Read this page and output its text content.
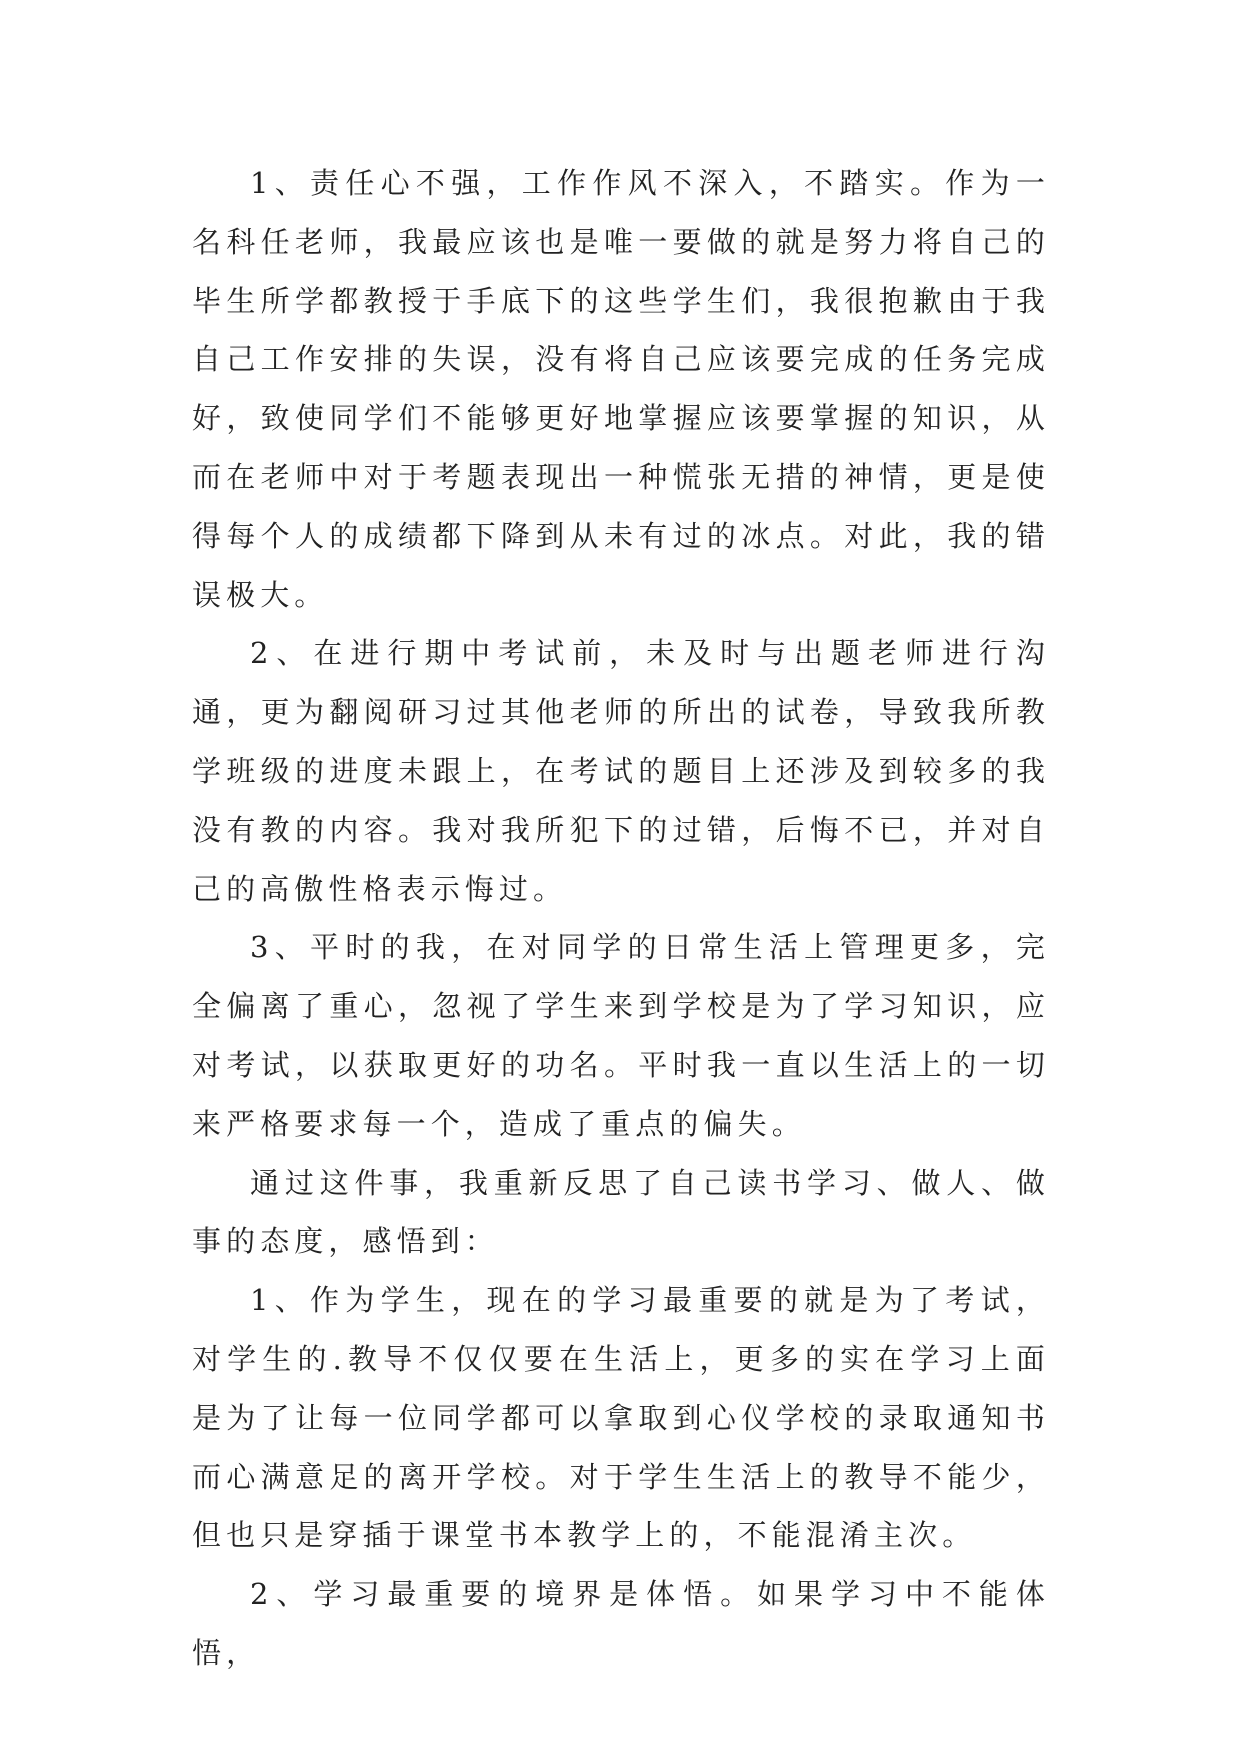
1、责任心不强，工作作风不深入，不踏实。作为一名科任老师，我最应该也是唯一要做的就是努力将自己的毕生所学都教授于手底下的这些学生们，我很抱歉由于我自己工作安排的失误，没有将自己应该要完成的任务完成好，致使同学们不能够更好地掌握应该要掌握的知识，从而在老师中对于考题表现出一种慌张无措的神情，更是使得每个人的成绩都下降到从未有过的冰点。对此，我的错误极大。

2、在进行期中考试前，未及时与出题老师进行沟通，更为翻阅研习过其他老师的所出的试卷，导致我所教学班级的进度未跟上，在考试的题目上还涉及到较多的我没有教的内容。我对我所犯下的过错，后悔不已，并对自己的高傲性格表示悔过。

3、平时的我，在对同学的日常生活上管理更多，完全偏离了重心，忽视了学生来到学校是为了学习知识，应对考试，以获取更好的功名。平时我一直以生活上的一切来严格要求每一个，造成了重点的偏失。

通过这件事，我重新反思了自己读书学习、做人、做事的态度，感悟到：

1、作为学生，现在的学习最重要的就是为了考试，对学生的.教导不仅仅要在生活上，更多的实在学习上面是为了让每一位同学都可以拿取到心仪学校的录取通知书而心满意足的离开学校。对于学生生活上的教导不能少，但也只是穿插于课堂书本教学上的，不能混淆主次。

2、学习最重要的境界是体悟。如果学习中不能体悟，
